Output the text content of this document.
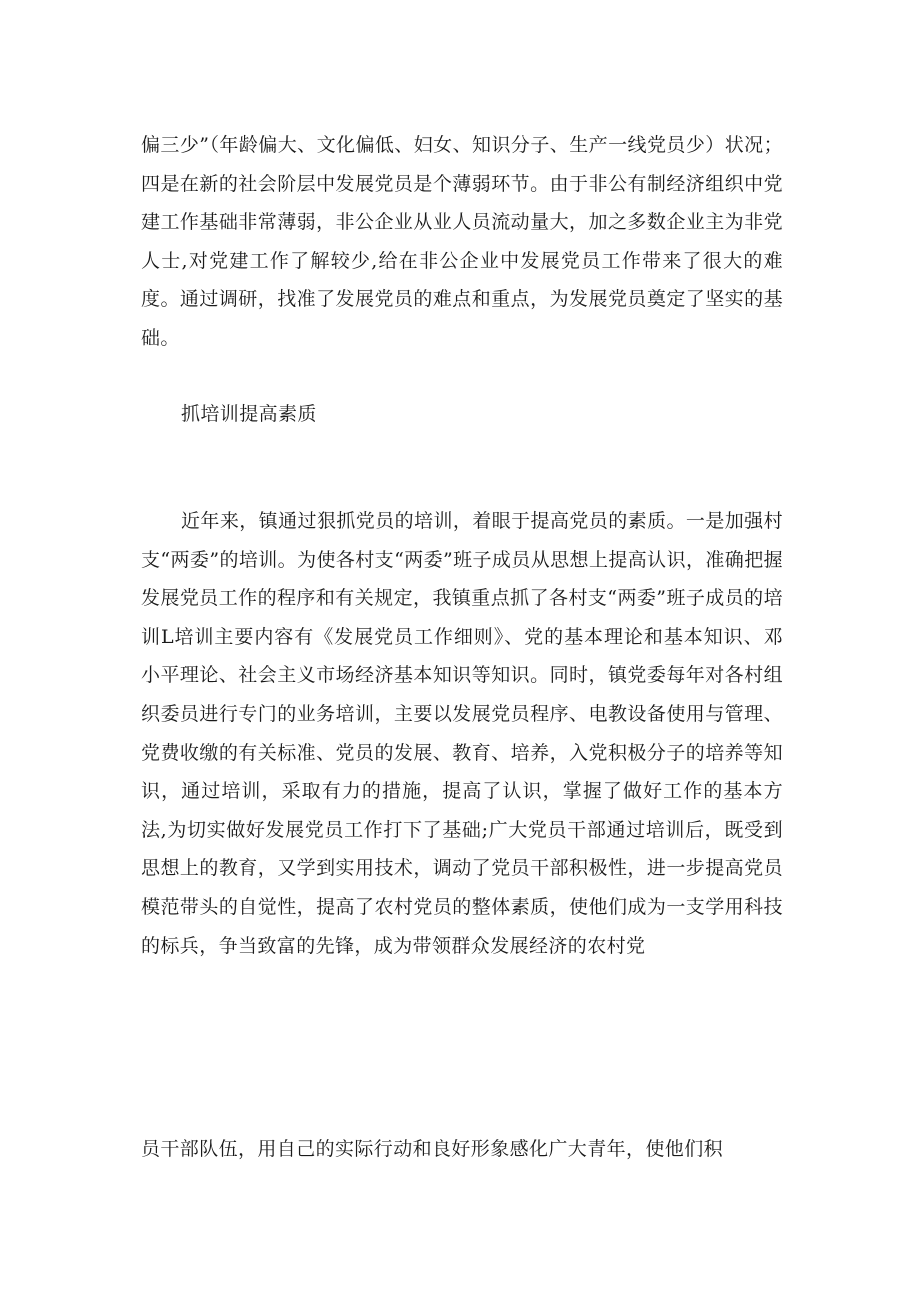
偏三少”（年龄偏大、文化偏低、妇女、知识分子、生产一线党员少）状况；四是在新的社会阶层中发展党员是个薄弱环节。由于非公有制经济组织中党建工作基础非常薄弱，非公企业从业人员流动量大，加之多数企业主为非党人士,对党建工作了解较少,给在非公企业中发展党员工作带来了很大的难度。通过调研，找准了发展党员的难点和重点，为发展党员奠定了坚实的基础。

抓培训提高素质

近年来，镇通过狠抓党员的培训，着眼于提高党员的素质。一是加强村支“两委”的培训。为使各村支“两委”班子成员从思想上提高认识，准确把握发展党员工作的程序和有关规定，我镇重点抓了各村支“两委”班子成员的培训L培训主要内容有《发展党员工作细则》、党的基本理论和基本知识、邓小平理论、社会主义市场经济基本知识等知识。同时，镇党委每年对各村组织委员进行专门的业务培训，主要以发展党员程序、电教设备使用与管理、党费收缴的有关标准、党员的发展、教育、培养，入党积极分子的培养等知识，通过培训，采取有力的措施，提高了认识，掌握了做好工作的基本方法,为切实做好发展党员工作打下了基础;广大党员干部通过培训后，既受到思想上的教育，又学到实用技术，调动了党员干部积极性，进一步提高党员模范带头的自觉性，提高了农村党员的整体素质，使他们成为一支学用科技的标兵，争当致富的先锋，成为带领群众发展经济的农村党

员干部队伍，用自己的实际行动和良好形象感化广大青年，使他们积
